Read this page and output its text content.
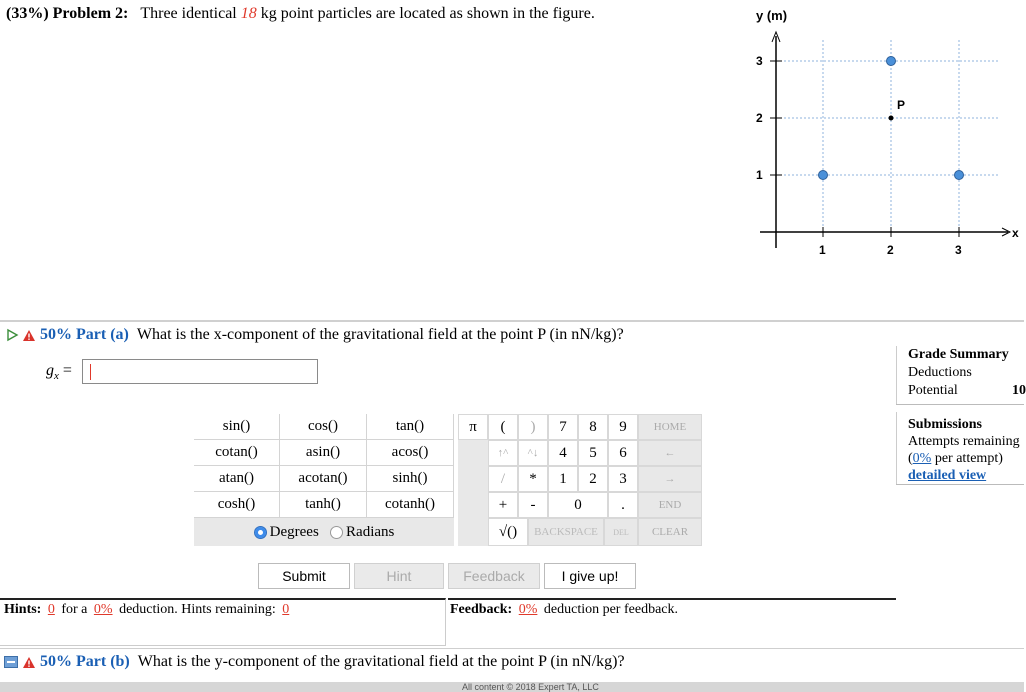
(33%) Problem 2: Three identical 18 kg point particles are located as shown in the figure.	y (m)
x
1	2	3
3
2
1
P
50% Part (a) What is the x-component of the gravitational field at the point P (in nN/kg)?
$g_x$ =
Grade Summary
Deductions
Potential	10
Submissions
Attempts remaining
(0% per attempt)
detailed view
sin()	cos()	tan()
cotan()	asin()	acos()
atan()	acotan()	sinh()
cosh()	tanh()	cotanh()
Degrees
Radians
π	(	)	7	8	9	HOME
↑^	^↓	4	5	6	←
/	*	1	2	3	→
+	-	0	.	END
√()	BACKSPACE	DEL	CLEAR
Submit	Hint	Feedback	I give up!
Hints: 0 for a 0% deduction. Hints remaining: 0	Feedback: 0% deduction per feedback.
50% Part (b) What is the y-component of the gravitational field at the point P (in nN/kg)?
All content © 2018 Expert TA, LLC
